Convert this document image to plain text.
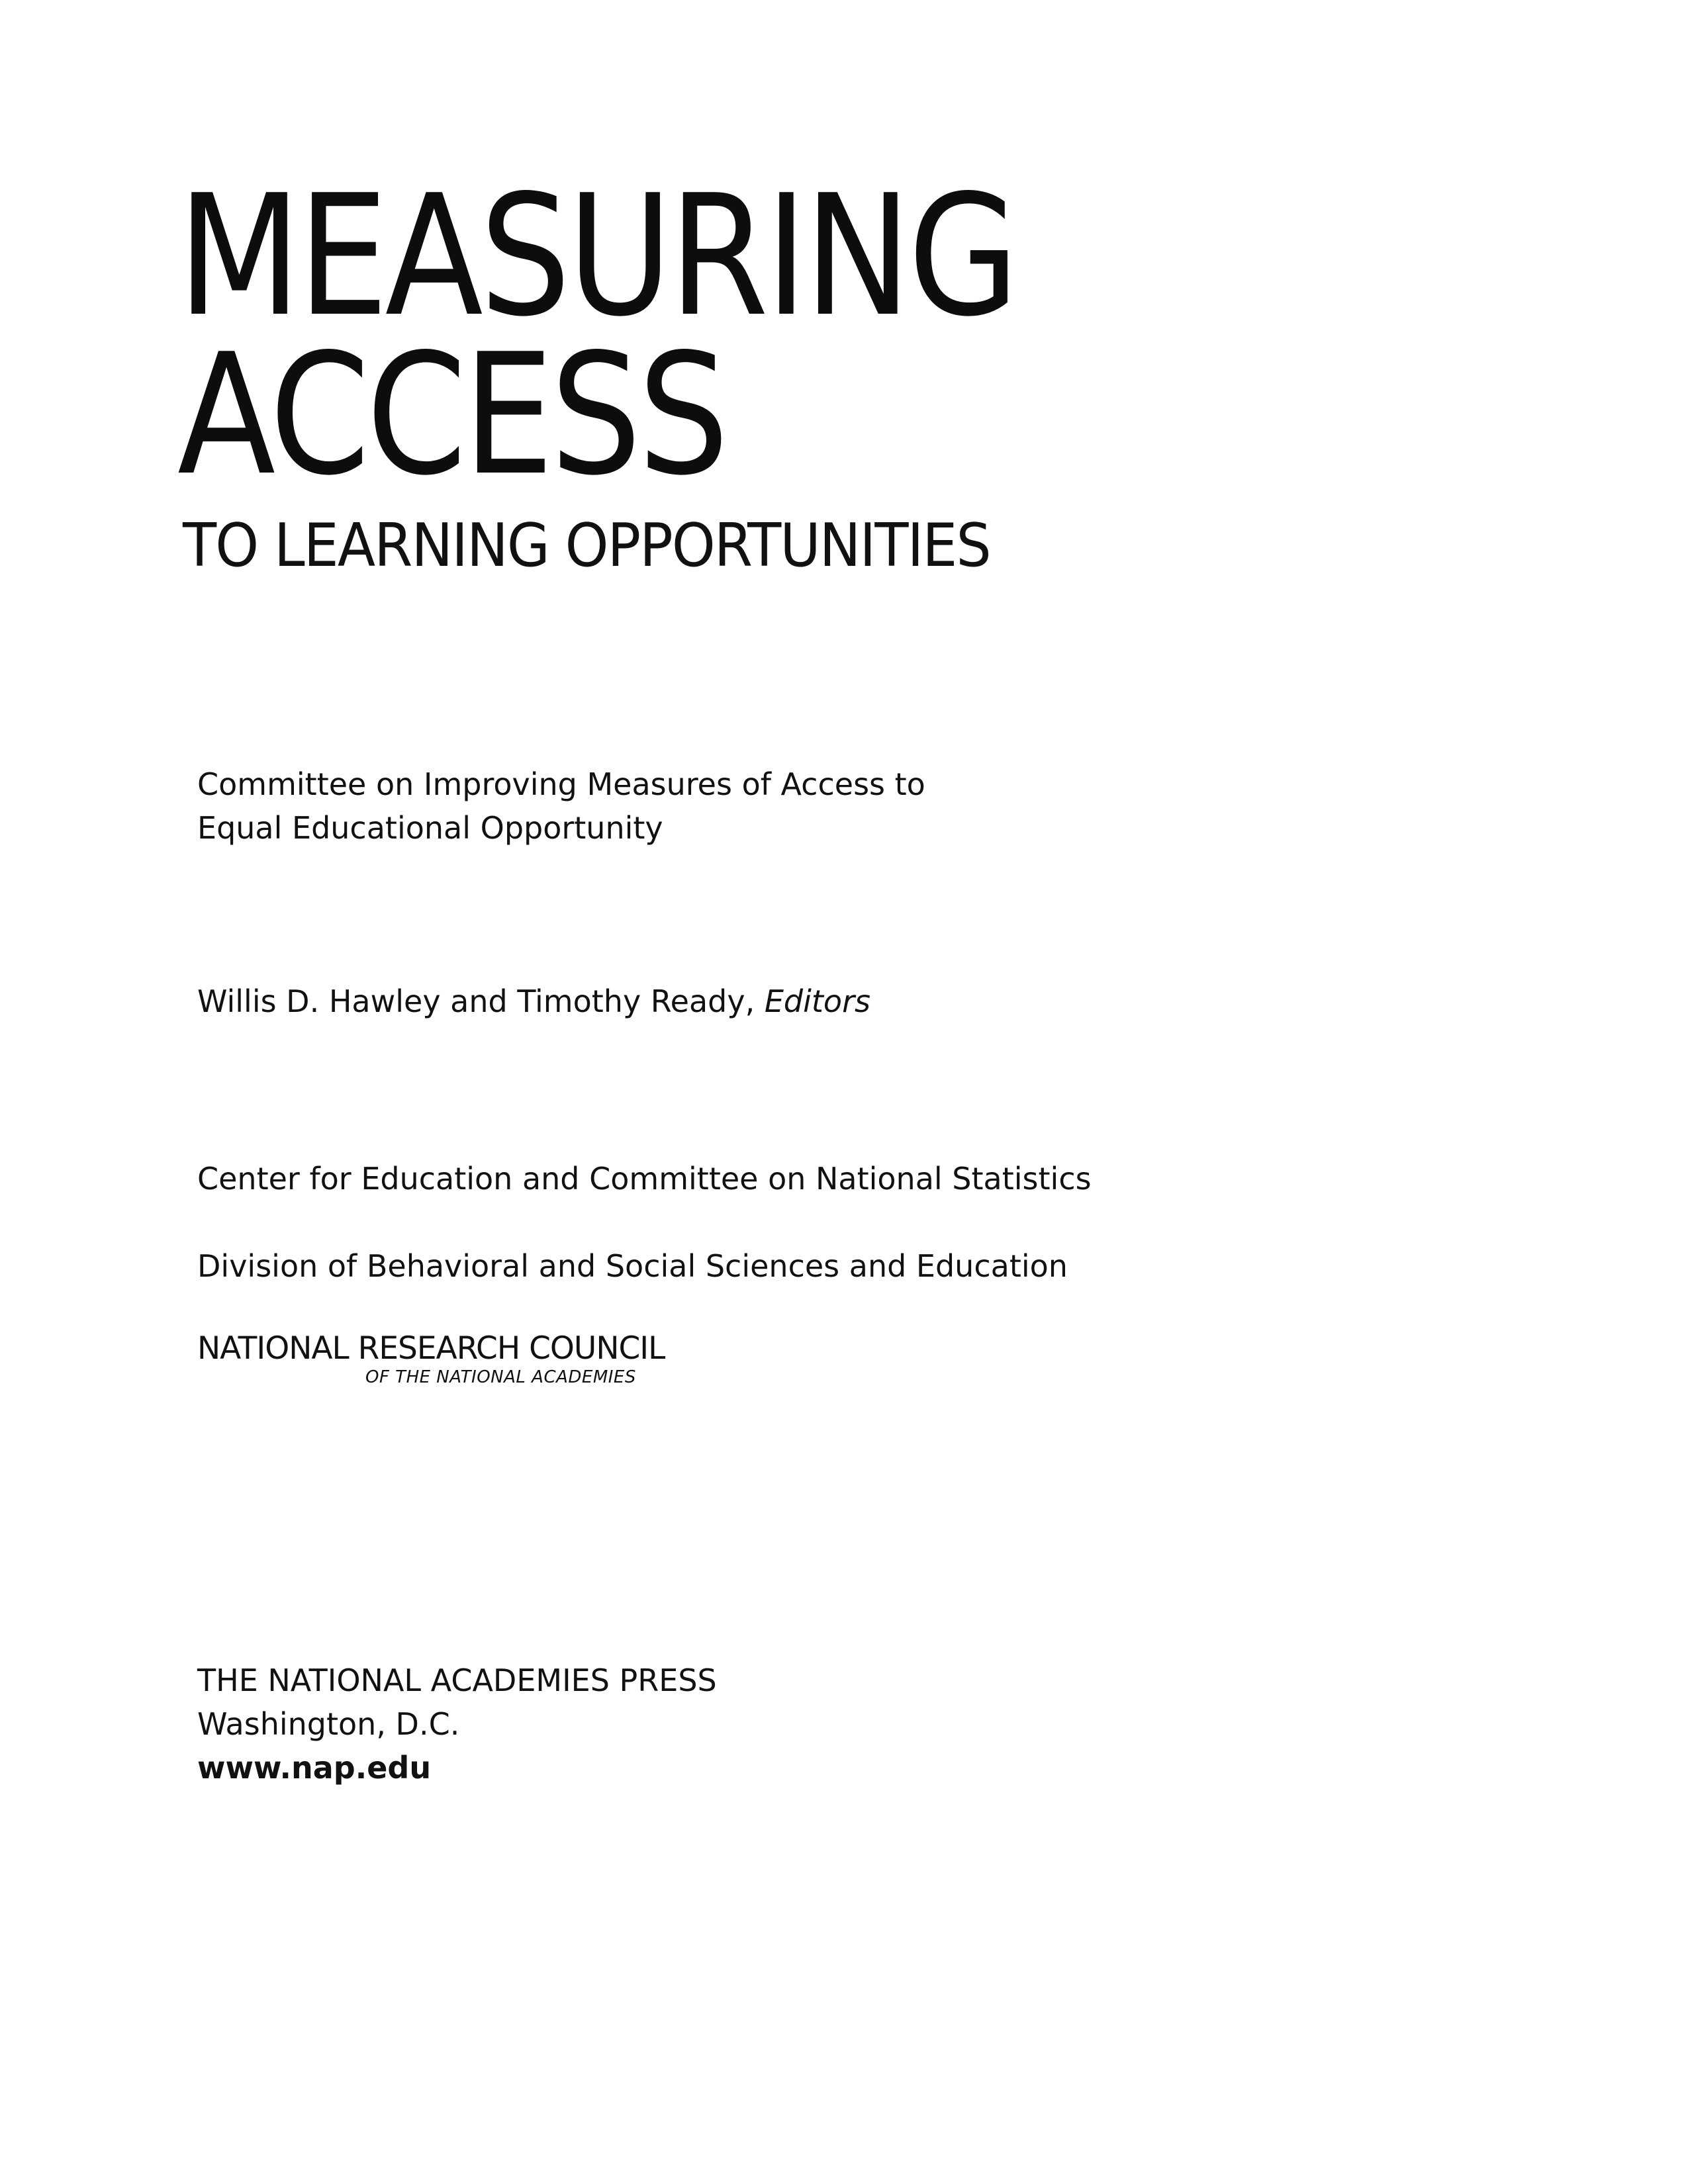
MEASURING
ACCESS
TO LEARNING OPPORTUNITIES
Committee on Improving Measures of Access to
Equal Educational Opportunity
Willis D. Hawley and Timothy Ready, Editors
Center for Education and Committee on National Statistics
Division of Behavioral and Social Sciences and Education
NATIONAL RESEARCH COUNCIL
OF THE NATIONAL ACADEMIES
THE NATIONAL ACADEMIES PRESS
Washington, D.C.
www.nap.edu
